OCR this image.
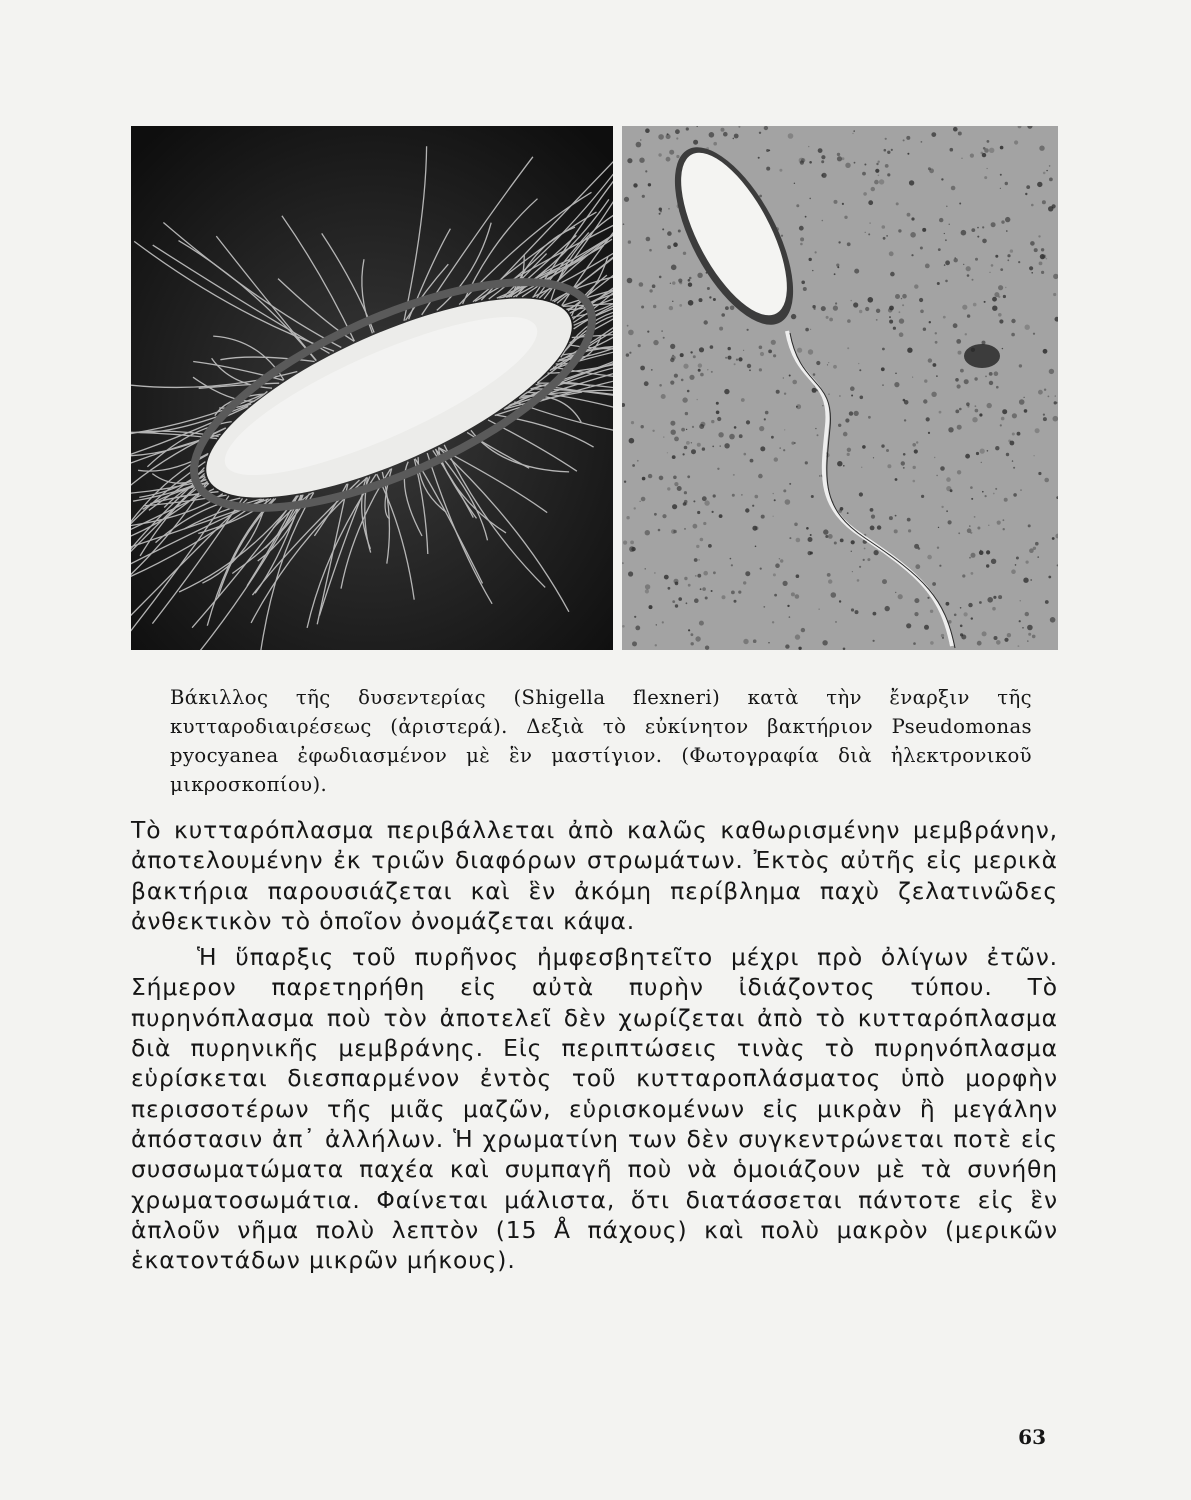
Βάκιλλος τῆς δυσεντερίας (Shigella flexneri) κατὰ τὴν ἔναρξιν τῆς κυτταροδιαιρέσεως (ἀριστερά). Δεξιὰ τὸ εὐκίνητον βακτήριον Pseudomonas pyocyanea ἐφωδιασμένον μὲ ἓν μαστίγιον. (Φωτογραφία διὰ ἠλεκτρονικοῦ μικροσκοπίου).

Τὸ κυτταρόπλασμα περιβάλλεται ἀπὸ καλῶς καθωρισμένην μεμβράνην, ἀποτελουμένην ἐκ τριῶν διαφόρων στρωμάτων. Ἐκτὸς αὐτῆς εἰς μερικὰ βακτήρια παρουσιάζεται καὶ ἓν ἀκόμη περίβλημα παχὺ ζελατινῶδες ἀνθεκτικὸν τὸ ὁποῖον ὀνομάζεται κάψα.

Ἡ ὕπαρξις τοῦ πυρῆνος ἠμφεσβητεῖτο μέχρι πρὸ ὀλίγων ἐτῶν. Σήμερον παρετηρήθη εἰς αὐτὰ πυρὴν ἰδιάζοντος τύπου. Τὸ πυρηνόπλασμα ποὺ τὸν ἀποτελεῖ δὲν χωρίζεται ἀπὸ τὸ κυτταρόπλασμα διὰ πυρηνικῆς μεμβράνης. Εἰς περιπτώσεις τινὰς τὸ πυρηνόπλασμα εὑρίσκεται διεσπαρμένον ἐντὸς τοῦ κυτταροπλάσματος ὑπὸ μορφὴν περισσοτέρων τῆς μιᾶς μαζῶν, εὑρισκομένων εἰς μικρὰν ἢ μεγάλην ἀπόστασιν ἀπ᾽ ἀλλήλων. Ἡ χρωματίνη των δὲν συγκεντρώνεται ποτὲ εἰς συσσωματώματα παχέα καὶ συμπαγῆ ποὺ νὰ ὁμοιάζουν μὲ τὰ συνήθη χρωματοσωμάτια. Φαίνεται μάλιστα, ὅτι διατάσσεται πάντοτε εἰς ἓν ἁπλοῦν νῆμα πολὺ λεπτὸν (15 Å πάχους) καὶ πολὺ μακρὸν (μερικῶν ἑκατοντάδων μικρῶν μήκους).

63
